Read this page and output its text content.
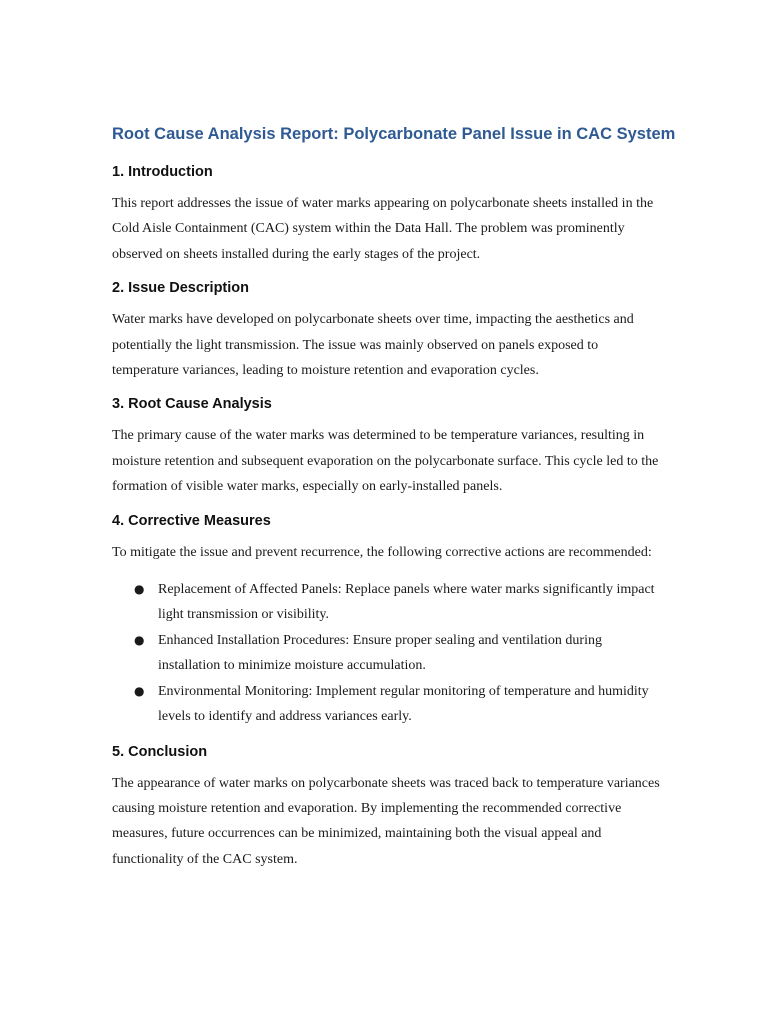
Root Cause Analysis Report: Polycarbonate Panel Issue in CAC System
1. Introduction

This report addresses the issue of water marks appearing on polycarbonate sheets installed in the Cold Aisle Containment (CAC) system within the Data Hall. The problem was prominently observed on sheets installed during the early stages of the project.

2. Issue Description

Water marks have developed on polycarbonate sheets over time, impacting the aesthetics and potentially the light transmission. The issue was mainly observed on panels exposed to temperature variances, leading to moisture retention and evaporation cycles.

3. Root Cause Analysis

The primary cause of the water marks was determined to be temperature variances, resulting in moisture retention and subsequent evaporation on the polycarbonate surface. This cycle led to the formation of visible water marks, especially on early-installed panels.

4. Corrective Measures

To mitigate the issue and prevent recurrence, the following corrective actions are recommended:

● Replacement of Affected Panels: Replace panels where water marks significantly impact light transmission or visibility.
● Enhanced Installation Procedures: Ensure proper sealing and ventilation during installation to minimize moisture accumulation.
● Environmental Monitoring: Implement regular monitoring of temperature and humidity levels to identify and address variances early.
5. Conclusion

The appearance of water marks on polycarbonate sheets was traced back to temperature variances causing moisture retention and evaporation. By implementing the recommended corrective measures, future occurrences can be minimized, maintaining both the visual appeal and functionality of the CAC system.
